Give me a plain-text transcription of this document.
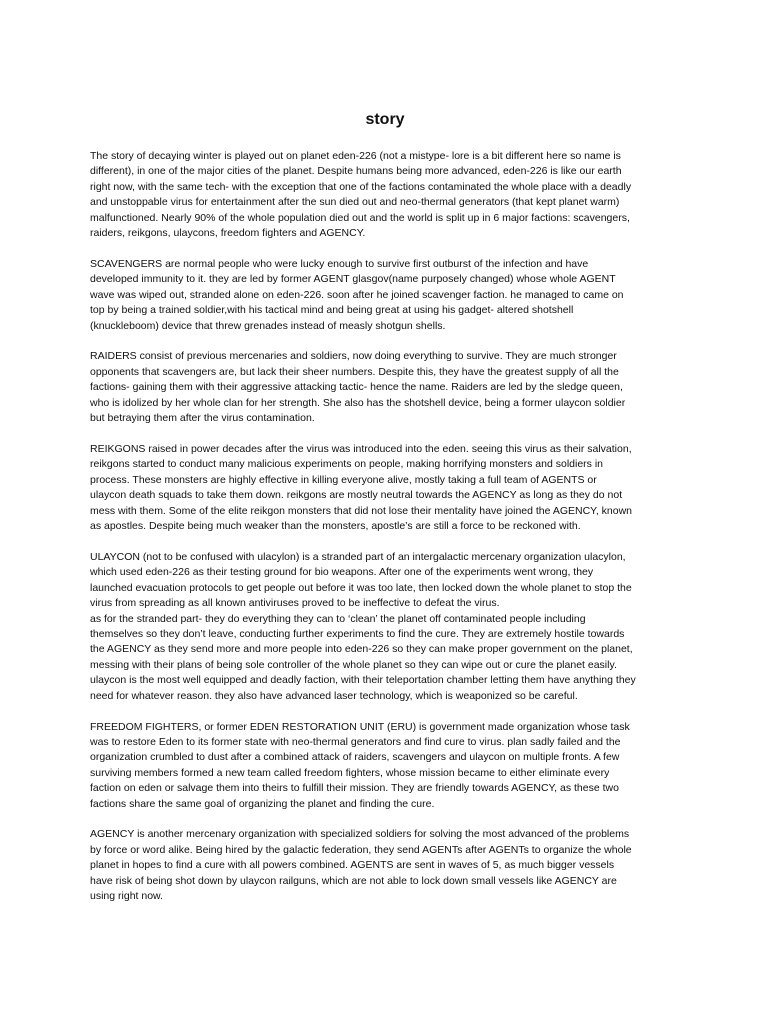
story

The story of decaying winter is played out on planet eden-226 (not a mistype- lore is a bit different here so name is
different), in one of the major cities of the planet. Despite humans being more advanced, eden-226 is like our earth
right now, with the same tech- with the exception that one of the factions contaminated the whole place with a deadly
and unstoppable virus for entertainment after the sun died out and neo-thermal generators (that kept planet warm)
malfunctioned. Nearly 90% of the whole population died out and the world is split up in 6 major factions: scavengers,
raiders, reikgons, ulaycons, freedom fighters and AGENCY.

SCAVENGERS are normal people who were lucky enough to survive first outburst of the infection and have
developed immunity to it. they are led by former AGENT glasgov(name purposely changed) whose whole AGENT
wave was wiped out, stranded alone on eden-226. soon after he joined scavenger faction. he managed to came on
top by being a trained soldier,with his tactical mind and being great at using his gadget- altered shotshell
(knuckleboom) device that threw grenades instead of measly shotgun shells.

RAIDERS consist of previous mercenaries and soldiers, now doing everything to survive. They are much stronger
opponents that scavengers are, but lack their sheer numbers. Despite this, they have the greatest supply of all the
factions- gaining them with their aggressive attacking tactic- hence the name. Raiders are led by the sledge queen,
who is idolized by her whole clan for her strength. She also has the shotshell device, being a former ulaycon soldier
but betraying them after the virus contamination.

REIKGONS raised in power decades after the virus was introduced into the eden. seeing this virus as their salvation,
reikgons started to conduct many malicious experiments on people, making horrifying monsters and soldiers in
process. These monsters are highly effective in killing everyone alive, mostly taking a full team of AGENTS or
ulaycon death squads to take them down. reikgons are mostly neutral towards the AGENCY as long as they do not
mess with them. Some of the elite reikgon monsters that did not lose their mentality have joined the AGENCY, known
as apostles. Despite being much weaker than the monsters, apostle’s are still a force to be reckoned with.

ULAYCON (not to be confused with ulacylon) is a stranded part of an intergalactic mercenary organization ulacylon,
which used eden-226 as their testing ground for bio weapons. After one of the experiments went wrong, they
launched evacuation protocols to get people out before it was too late, then locked down the whole planet to stop the
virus from spreading as all known antiviruses proved to be ineffective to defeat the virus.
as for the stranded part- they do everything they can to ‘clean’ the planet off contaminated people including
themselves so they don’t leave, conducting further experiments to find the cure. They are extremely hostile towards
the AGENCY as they send more and more people into eden-226 so they can make proper government on the planet,
messing with their plans of being sole controller of the whole planet so they can wipe out or cure the planet easily.
ulaycon is the most well equipped and deadly faction, with their teleportation chamber letting them have anything they
need for whatever reason. they also have advanced laser technology, which is weaponized so be careful.

FREEDOM FIGHTERS, or former EDEN RESTORATION UNIT (ERU) is government made organization whose task
was to restore Eden to its former state with neo-thermal generators and find cure to virus. plan sadly failed and the
organization crumbled to dust after a combined attack of raiders, scavengers and ulaycon on multiple fronts. A few
surviving members formed a new team called freedom fighters, whose mission became to either eliminate every
faction on eden or salvage them into theirs to fulfill their mission. They are friendly towards AGENCY, as these two
factions share the same goal of organizing the planet and finding the cure.

AGENCY is another mercenary organization with specialized soldiers for solving the most advanced of the problems
by force or word alike. Being hired by the galactic federation, they send AGENTs after AGENTs to organize the whole
planet in hopes to find a cure with all powers combined. AGENTS are sent in waves of 5, as much bigger vessels
have risk of being shot down by ulaycon railguns, which are not able to lock down small vessels like AGENCY are
using right now.
